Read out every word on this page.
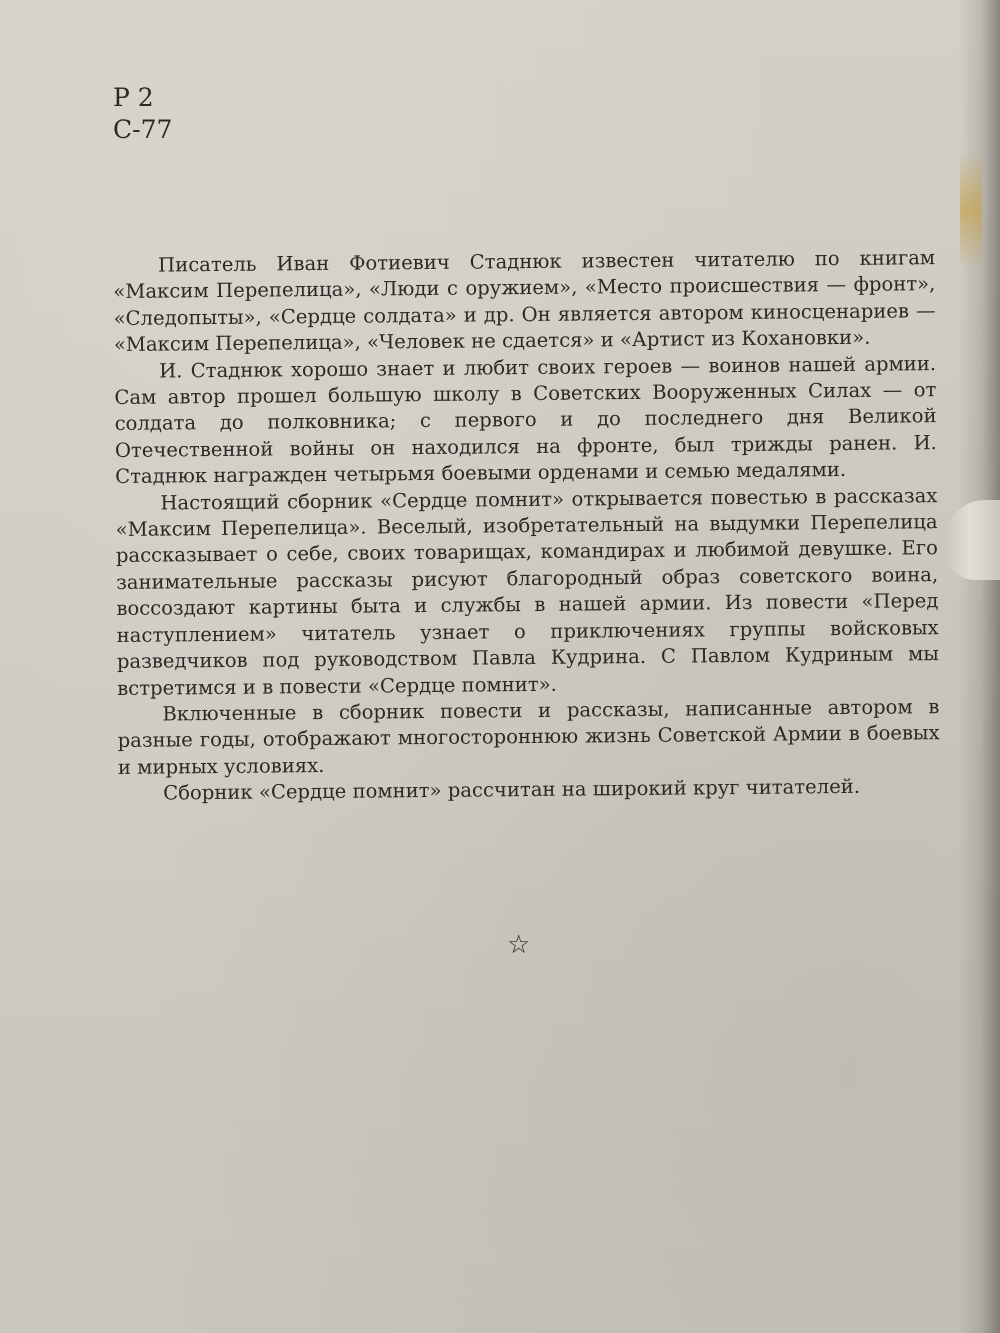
Р 2
С-77

Писатель Иван Фотиевич Стаднюк известен читателю по книгам «Максим Перепелица», «Люди с оружием», «Место происшествия — фронт», «Следопыты», «Сердце солдата» и др. Он является автором киносценариев — «Максим Перепелица», «Человек не сдается» и «Артист из Кохановки».

И. Стаднюк хорошо знает и любит своих героев — воинов нашей армии. Сам автор прошел большую школу в Советских Вооруженных Силах — от солдата до полковника; с первого и до последнего дня Великой Отечественной войны он находился на фронте, был трижды ранен. И. Стаднюк награжден четырьмя боевыми орденами и семью медалями.

Настоящий сборник «Сердце помнит» открывается повестью в рассказах «Максим Перепелица». Веселый, изобретательный на выдумки Перепелица рассказывает о себе, своих товарищах, командирах и любимой девушке. Его занимательные рассказы рисуют благородный образ советского воина, воссоздают картины быта и службы в нашей армии. Из повести «Перед наступлением» читатель узнает о приключениях группы войсковых разведчиков под руководством Павла Кудрина. С Павлом Кудриным мы встретимся и в повести «Сердце помнит».

Включенные в сборник повести и рассказы, написанные автором в разные годы, отображают многостороннюю жизнь Советской Армии в боевых и мирных условиях.

Сборник «Сердце помнит» рассчитан на широкий круг читателей.

☆
